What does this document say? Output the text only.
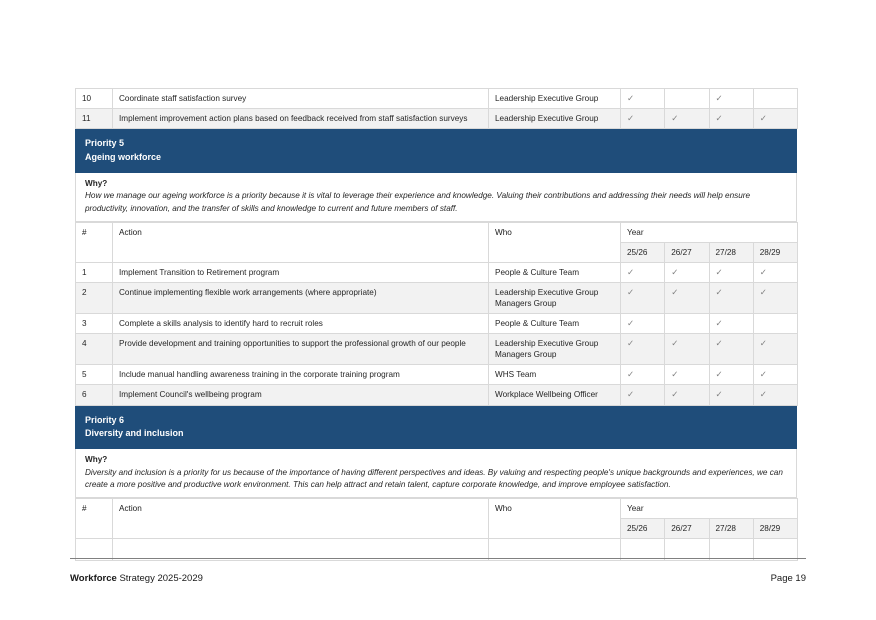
10	Coordinate staff satisfaction survey	Leadership Executive Group	✓		✓	
11	Implement improvement action plans based on feedback received from staff satisfaction surveys	Leadership Executive Group	✓	✓	✓	✓
Priority 5
Ageing workforce
Why?
How we manage our ageing workforce is a priority because it is vital to leverage their experience and knowledge. Valuing their contributions and addressing their needs will help ensure productivity, innovation, and the transfer of skills and knowledge to current and future members of staff.
#	Action	Who	Year			
			25/26	26/27	27/28	28/29
1	Implement Transition to Retirement program	People & Culture Team	✓	✓	✓	✓
2	Continue implementing flexible work arrangements (where appropriate)	Leadership Executive Group Managers Group	✓	✓	✓	✓
3	Complete a skills analysis to identify hard to recruit roles	People & Culture Team	✓		✓	
4	Provide development and training opportunities to support the professional growth of our people	Leadership Executive Group Managers Group	✓	✓	✓	✓
5	Include manual handling awareness training in the corporate training program	WHS Team	✓	✓	✓	✓
6	Implement Council's wellbeing program	Workplace Wellbeing Officer	✓	✓	✓	✓
Priority 6
Diversity and inclusion
Why?
Diversity and inclusion is a priority for us because of the importance of having different perspectives and ideas. By valuing and respecting people's unique backgrounds and experiences, we can create a more positive and productive work environment. This can help attract and retain talent, capture corporate knowledge, and improve employee satisfaction.
#	Action	Who	Year			
			25/26	26/27	27/28	28/29

Workforce Strategy 2025-2029	Page 19
